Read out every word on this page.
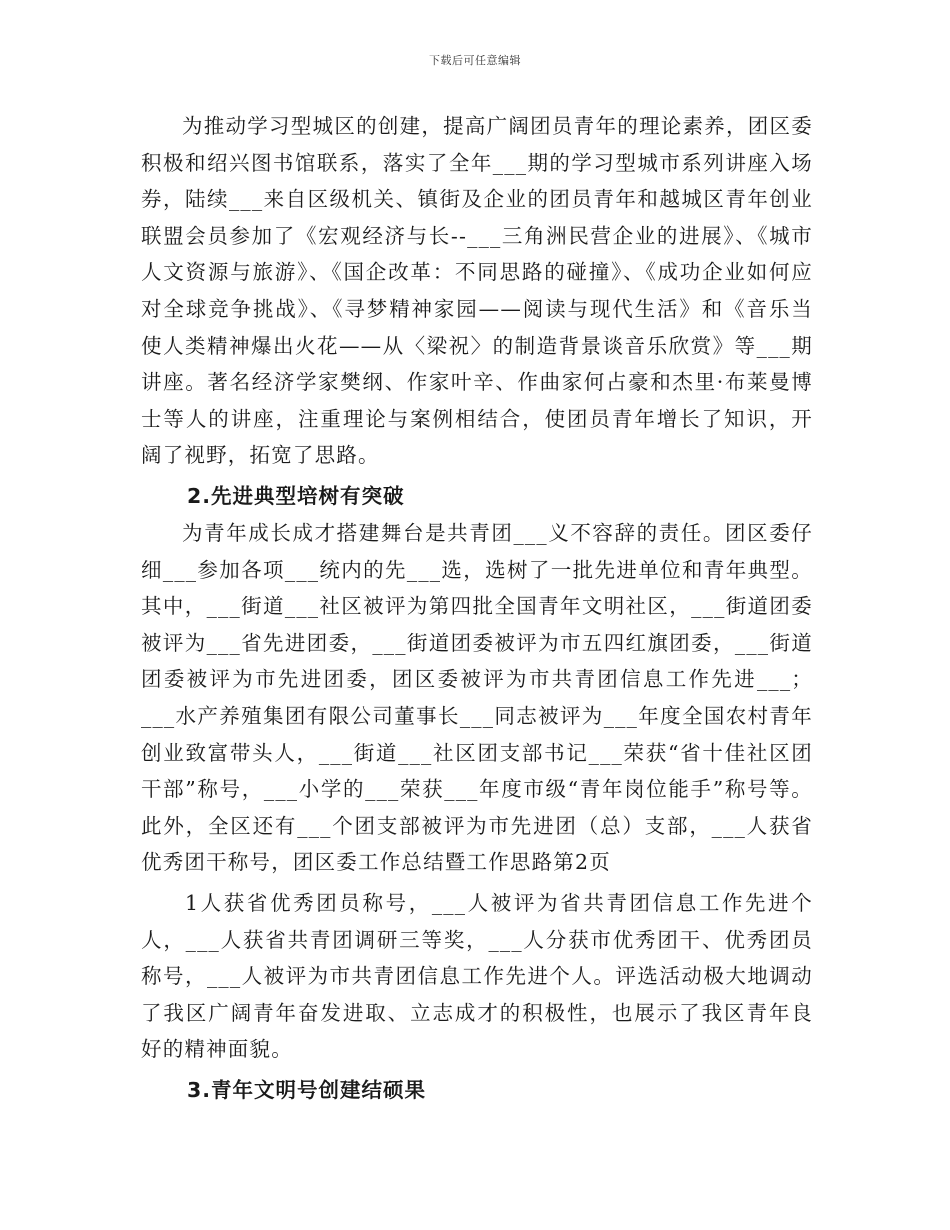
下载后可任意编辑

为推动学习型城区的创建，提高广阔团员青年的理论素养，团区委积极和绍兴图书馆联系，落实了全年___期的学习型城市系列讲座入场券，陆续___来自区级机关、镇街及企业的团员青年和越城区青年创业联盟会员参加了《宏观经济与长--___三角洲民营企业的进展》、《城市人文资源与旅游》、《国企改革：不同思路的碰撞》、《成功企业如何应对全球竞争挑战》、《寻梦精神家园——阅读与现代生活》和《音乐当使人类精神爆出火花——从〈梁祝〉的制造背景谈音乐欣赏》等___期讲座。著名经济学家樊纲、作家叶辛、作曲家何占豪和杰里·布莱曼博士等人的讲座，注重理论与案例相结合，使团员青年增长了知识，开阔了视野，拓宽了思路。

2.先进典型培树有突破

为青年成长成才搭建舞台是共青团___义不容辞的责任。团区委仔细___参加各项___统内的先___选，选树了一批先进单位和青年典型。其中，___街道___社区被评为第四批全国青年文明社区，___街道团委被评为___省先进团委，___街道团委被评为市五四红旗团委，___街道团委被评为市先进团委，团区委被评为市共青团信息工作先进___；___水产养殖集团有限公司董事长___同志被评为___年度全国农村青年创业致富带头人，___街道___社区团支部书记___荣获“省十佳社区团干部”称号，___小学的___荣获___年度市级“青年岗位能手”称号等。此外，全区还有___个团支部被评为市先进团（总）支部，___人获省优秀团干称号，团区委工作总结暨工作思路第2页

1人获省优秀团员称号，___人被评为省共青团信息工作先进个人，___人获省共青团调研三等奖，___人分获市优秀团干、优秀团员称号，___人被评为市共青团信息工作先进个人。评选活动极大地调动了我区广阔青年奋发进取、立志成才的积极性，也展示了我区青年良好的精神面貌。

3.青年文明号创建结硕果
